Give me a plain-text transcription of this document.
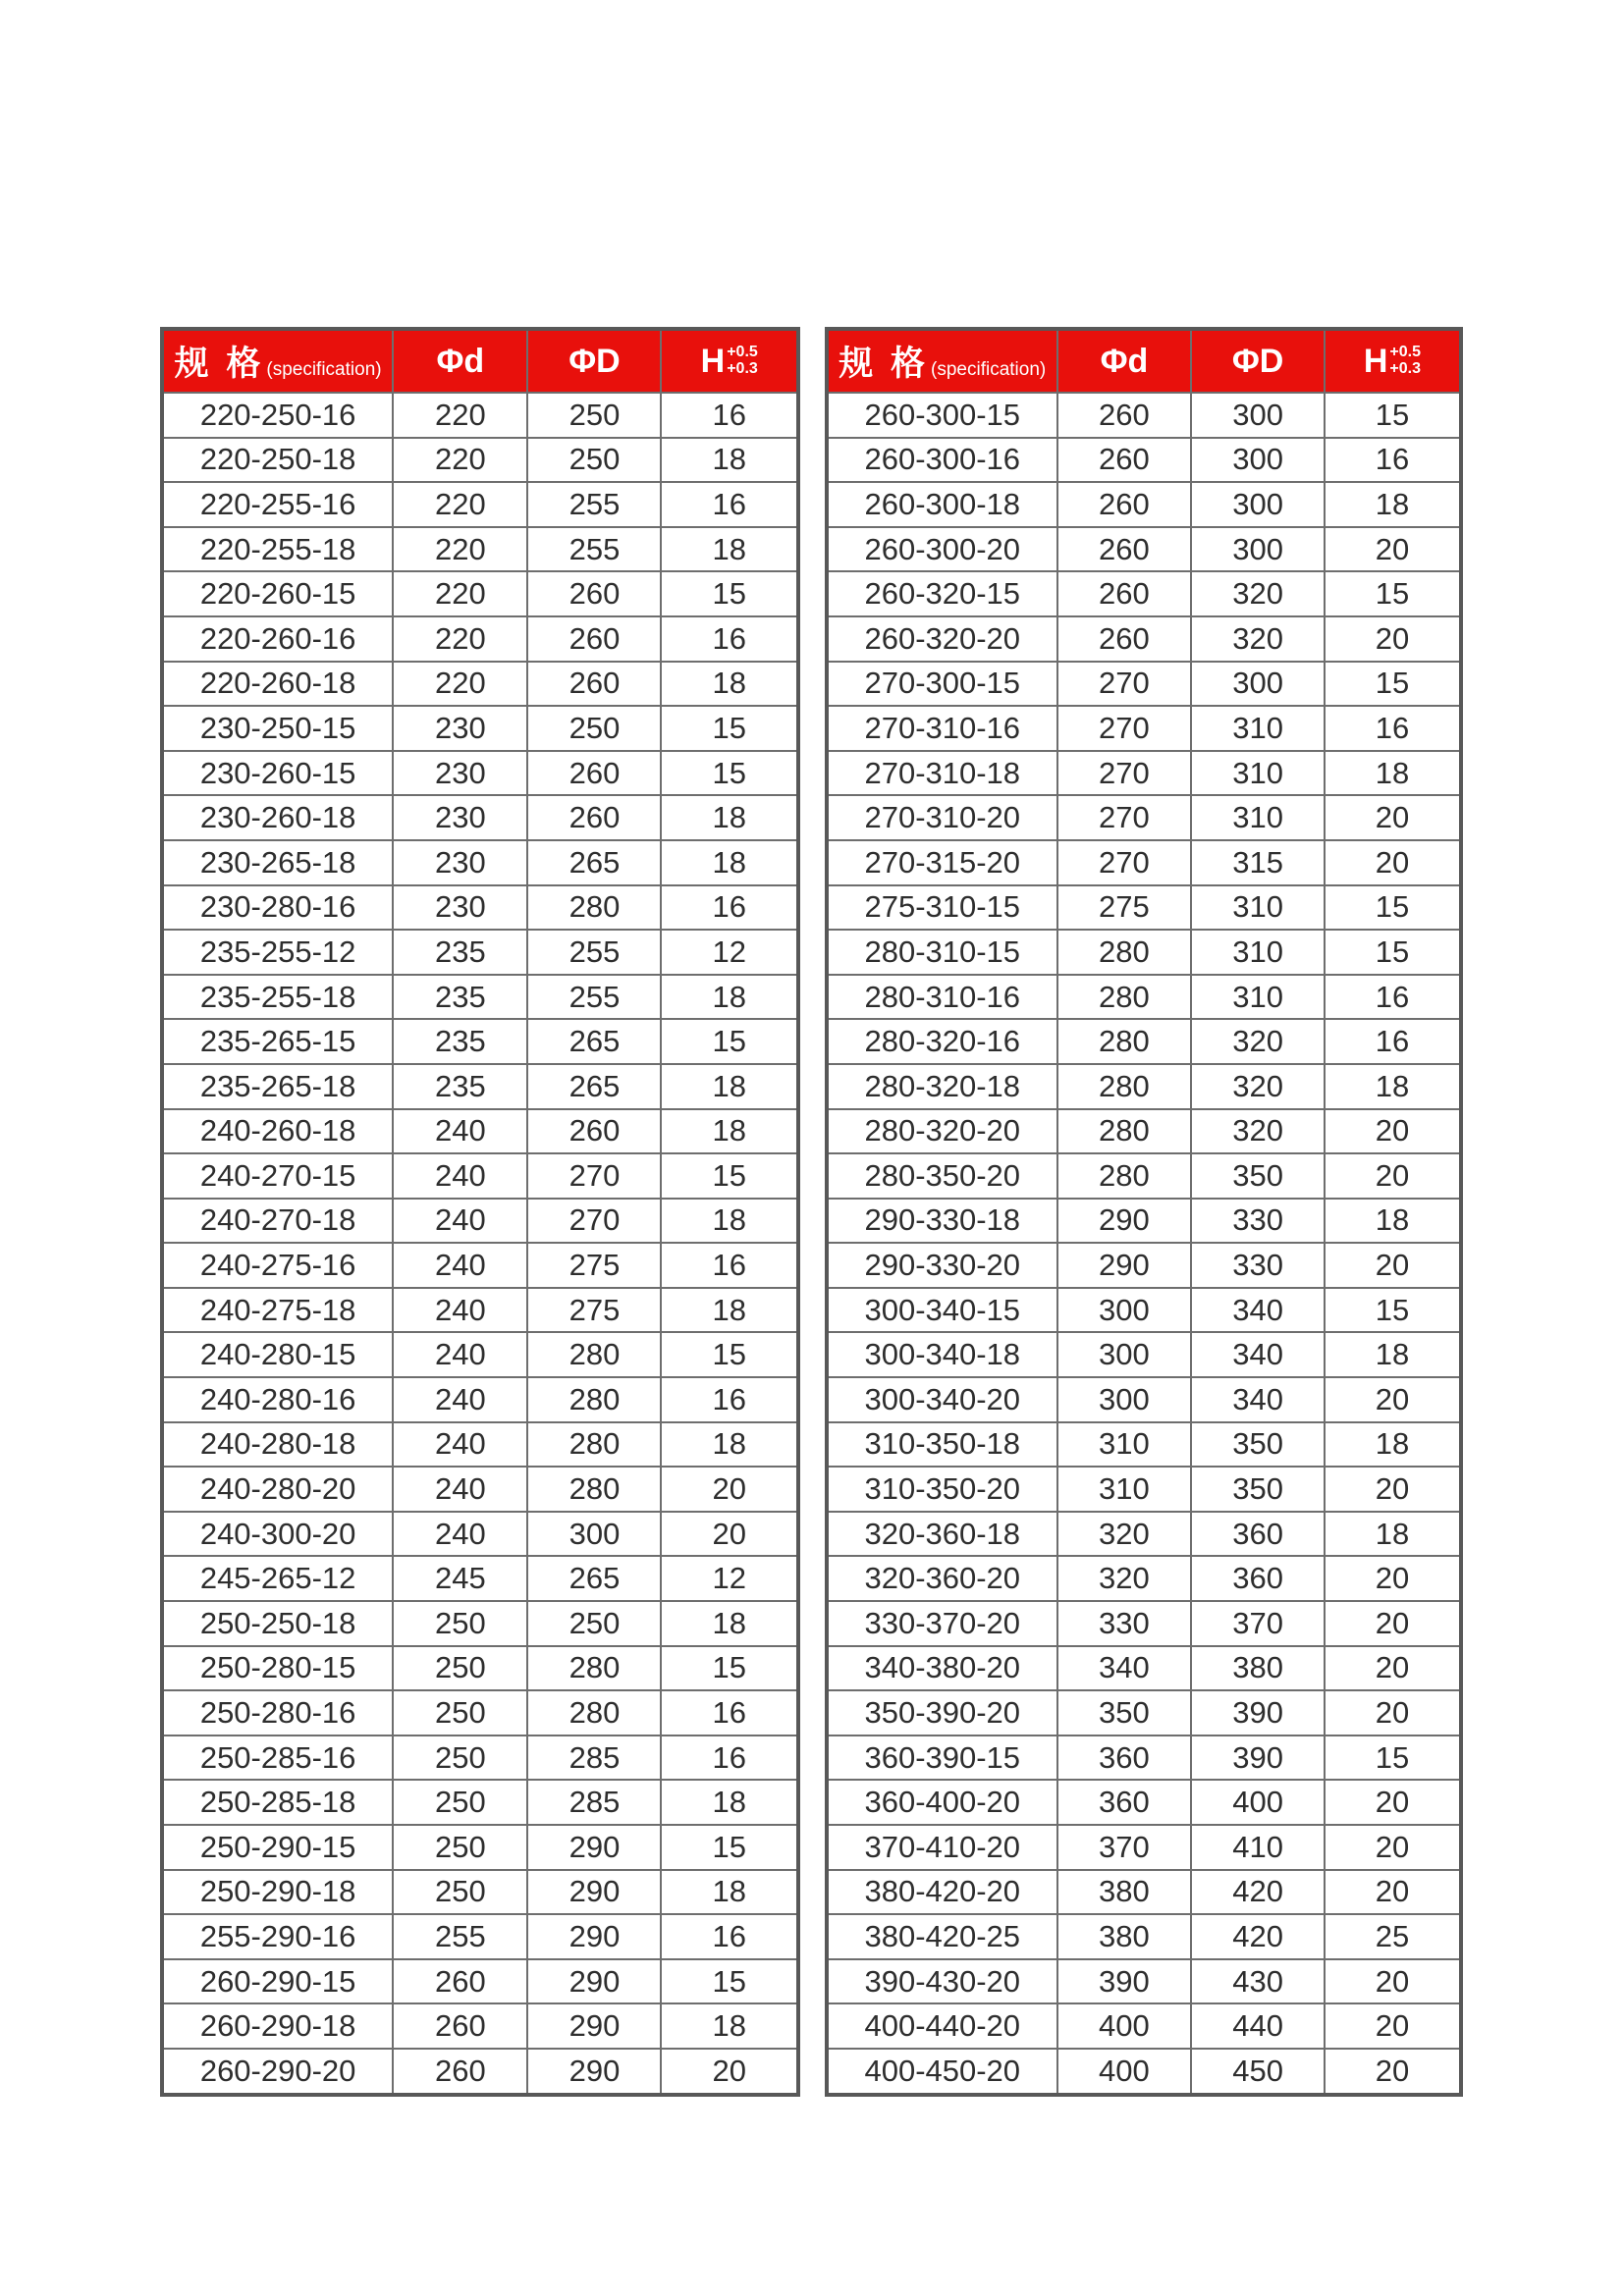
规 格 (specification)	Φd	ΦD	H +0.5
+0.3

220-250-16	220	250	16
220-250-18	220	250	18
220-255-16	220	255	16
220-255-18	220	255	18
220-260-15	220	260	15
220-260-16	220	260	16
220-260-18	220	260	18
230-250-15	230	250	15
230-260-15	230	260	15
230-260-18	230	260	18
230-265-18	230	265	18
230-280-16	230	280	16
235-255-12	235	255	12
235-255-18	235	255	18
235-265-15	235	265	15
235-265-18	235	265	18
240-260-18	240	260	18
240-270-15	240	270	15
240-270-18	240	270	18
240-275-16	240	275	16
240-275-18	240	275	18
240-280-15	240	280	15
240-280-16	240	280	16
240-280-18	240	280	18
240-280-20	240	280	20
240-300-20	240	300	20
245-265-12	245	265	12
250-250-18	250	250	18
250-280-15	250	280	15
250-280-16	250	280	16
250-285-16	250	285	16
250-285-18	250	285	18
250-290-15	250	290	15
250-290-18	250	290	18
255-290-16	255	290	16
260-290-15	260	290	15
260-290-18	260	290	18
260-290-20	260	290	20
规 格 (specification)	Φd	ΦD	H +0.5
+0.3

260-300-15	260	300	15
260-300-16	260	300	16
260-300-18	260	300	18
260-300-20	260	300	20
260-320-15	260	320	15
260-320-20	260	320	20
270-300-15	270	300	15
270-310-16	270	310	16
270-310-18	270	310	18
270-310-20	270	310	20
270-315-20	270	315	20
275-310-15	275	310	15
280-310-15	280	310	15
280-310-16	280	310	16
280-320-16	280	320	16
280-320-18	280	320	18
280-320-20	280	320	20
280-350-20	280	350	20
290-330-18	290	330	18
290-330-20	290	330	20
300-340-15	300	340	15
300-340-18	300	340	18
300-340-20	300	340	20
310-350-18	310	350	18
310-350-20	310	350	20
320-360-18	320	360	18
320-360-20	320	360	20
330-370-20	330	370	20
340-380-20	340	380	20
350-390-20	350	390	20
360-390-15	360	390	15
360-400-20	360	400	20
370-410-20	370	410	20
380-420-20	380	420	20
380-420-25	380	420	25
390-430-20	390	430	20
400-440-20	400	440	20
400-450-20	400	450	20
